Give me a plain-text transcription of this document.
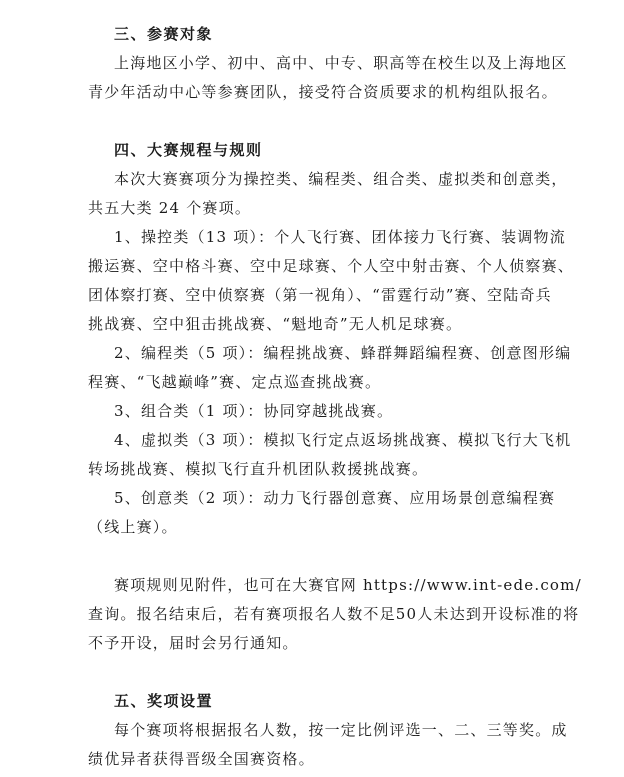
三、参赛对象
上海地区小学、初中、高中、中专、职高等在校生以及上海地区
青少年活动中心等参赛团队，接受符合资质要求的机构组队报名。
四、大赛规程与规则
本次大赛赛项分为操控类、编程类、组合类、虚拟类和创意类，
共五大类 24 个赛项。
1、操控类（13 项）：个人飞行赛、团体接力飞行赛、装调物流
搬运赛、空中格斗赛、空中足球赛、个人空中射击赛、个人侦察赛、
团体察打赛、空中侦察赛（第一视角）、“雷霆行动”赛、空陆奇兵
挑战赛、空中狙击挑战赛、“魁地奇”无人机足球赛。
2、编程类（5 项）：编程挑战赛、蜂群舞蹈编程赛、创意图形编
程赛、“飞越巅峰”赛、定点巡查挑战赛。
3、组合类（1 项）：协同穿越挑战赛。
4、虚拟类（3 项）：模拟飞行定点返场挑战赛、模拟飞行大飞机
转场挑战赛、模拟飞行直升机团队救援挑战赛。
5、创意类（2 项）：动力飞行器创意赛、应用场景创意编程赛
（线上赛）。
赛项规则见附件，也可在大赛官网 https://www.int-ede.com/
查询。报名结束后，若有赛项报名人数不足50人未达到开设标准的将
不予开设，届时会另行通知。
五、奖项设置
每个赛项将根据报名人数，按一定比例评选一、二、三等奖。成
绩优异者获得晋级全国赛资格。
